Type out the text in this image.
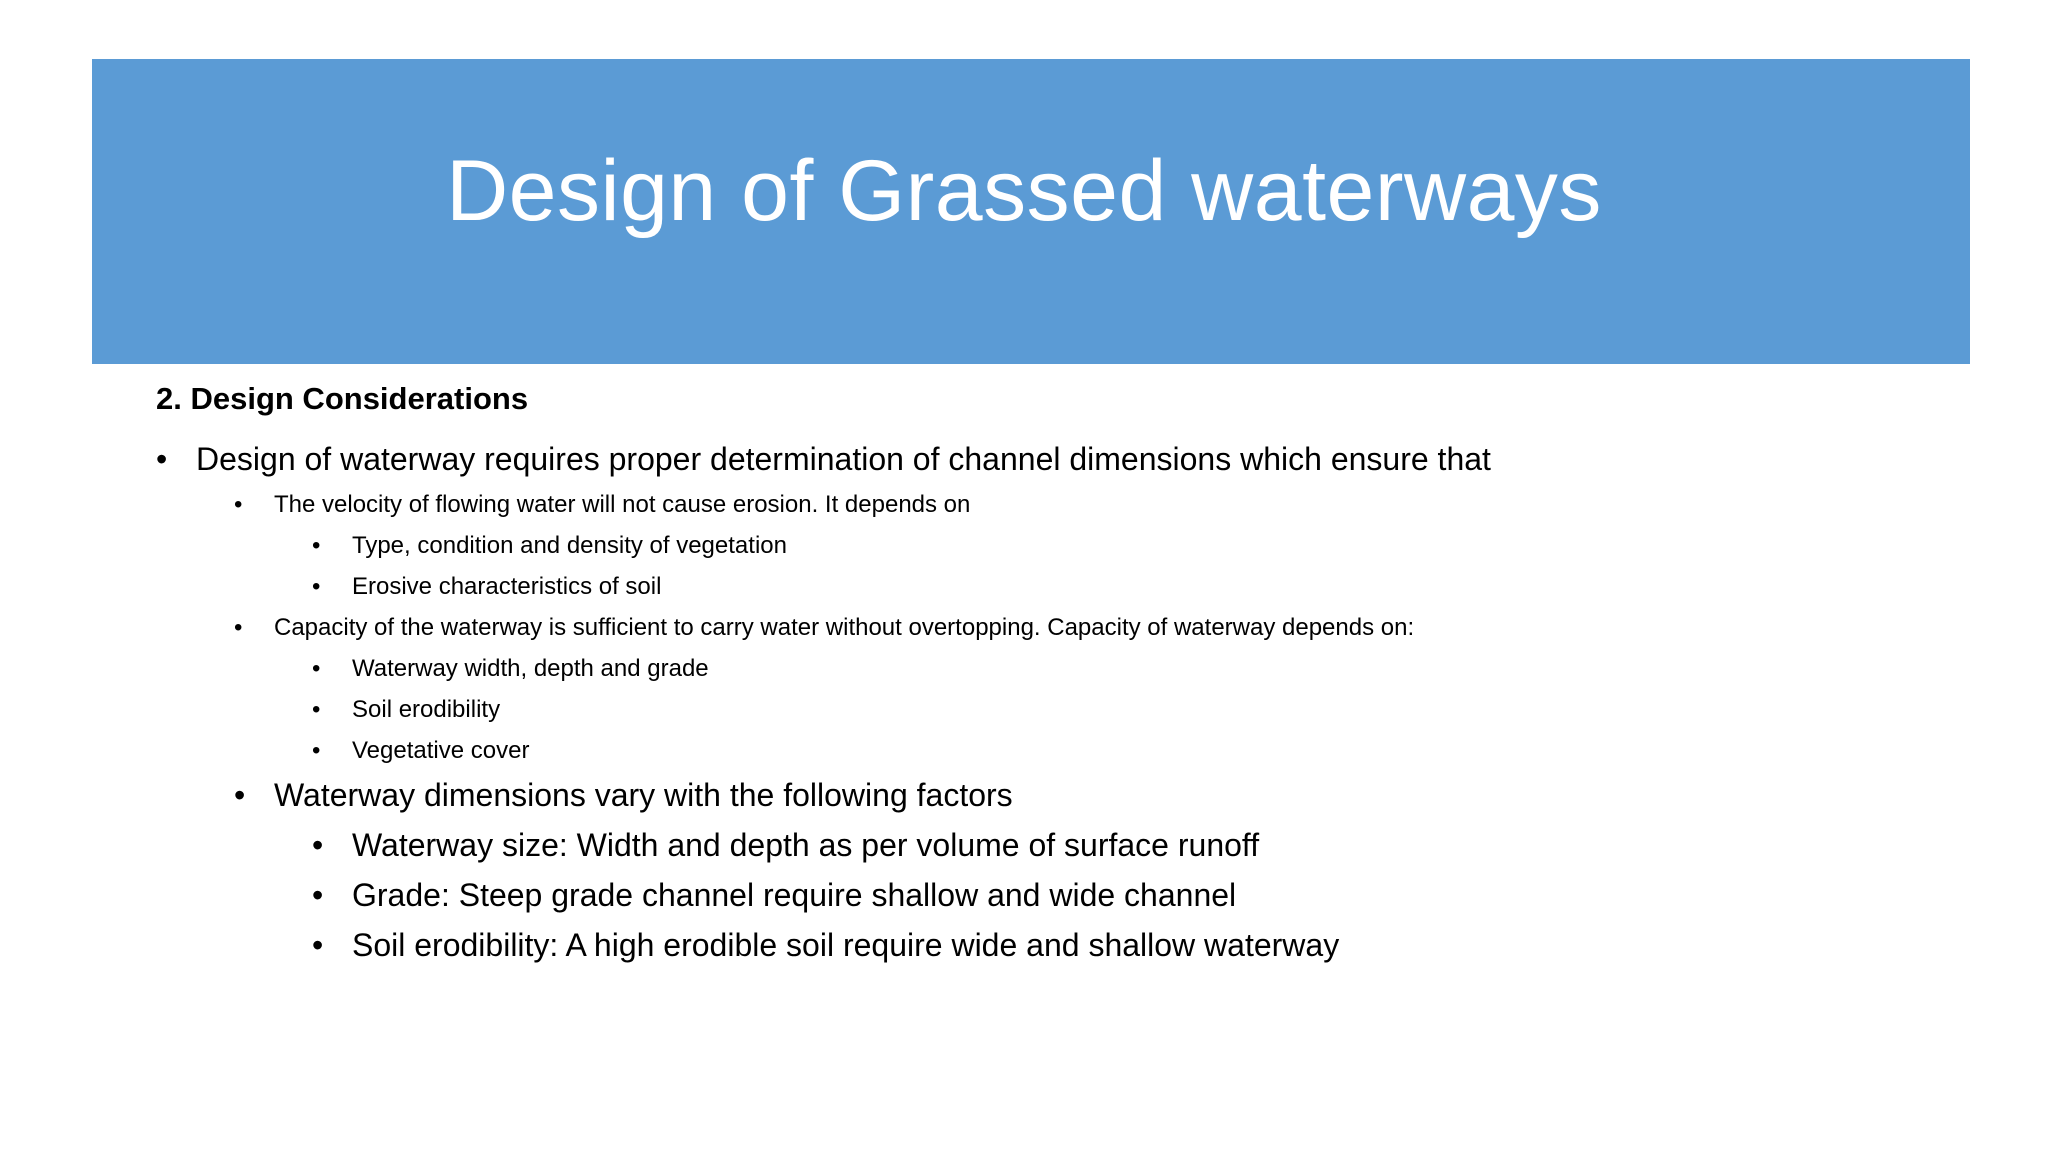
Design of Grassed waterways
2. Design Considerations
• Design of waterway requires proper determination of channel dimensions which ensure that
• The velocity of flowing water will not cause erosion. It depends on
• Type, condition and density of vegetation
• Erosive characteristics of soil
• Capacity of the waterway is sufficient to carry water without overtopping. Capacity of waterway depends on:
• Waterway width, depth and grade
• Soil erodibility
• Vegetative cover
• Waterway dimensions vary with the following factors
• Waterway size: Width and depth as per volume of surface runoff
• Grade: Steep grade channel require shallow and wide channel
• Soil erodibility: A high erodible soil require wide and shallow waterway
